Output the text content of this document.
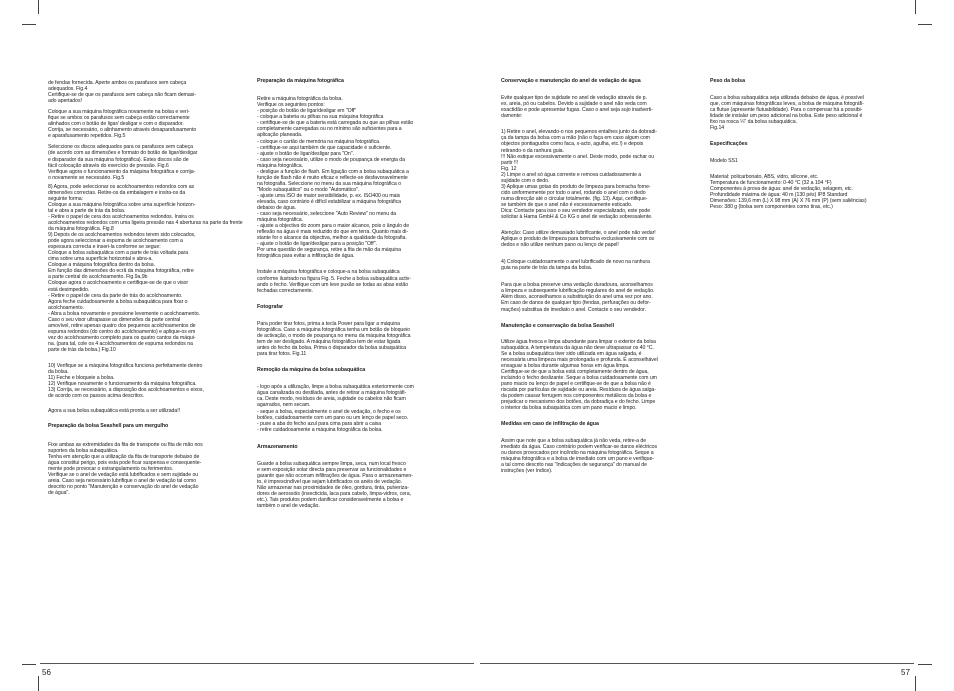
56	57

de fendas fornecida. Aperte ambos os parafusos sem cabeça
adequados. Fig.4
Certifique-se de que os parafusos sem cabeça não ficam demasi-
ado apertados!

Coloque a sua máquina fotográfica novamente na bolsa e veri-
fique se ambos os parafusos sem cabeça estão correctamente
alinhados com o botão de ligar/ desligar e com o disparador.
Corrija, se necessário, o alinhamento através desaparafusamento
e aparafusamento repetidos. Fig.5

Seleccione os discos adequados para os parafusos sem cabeça
(de acordo com as dimensões e formato do botão de ligar/desligar
e disparador da sua máquina fotográfica). Estes discos são de
fácil colocação através do exercício de pressão. Fig.6
Verifique agora o funcionamento da máquina fotográfica e corrija-
o novamente se necessário. Fig.5

8) Agora, pode seleccionar os acolchoamentos redondos com as
dimensões correctas. Retire-os da embalagem e insira-os da
seguinte forma:
Coloque a sua máquina fotográfica sobre uma superfície horizon-
tal e abra a parte de trás da bolsa.
- Retire o papel de cera dos acolchoamentos redondos. Insira os
acolchoamentos redondos com uma ligeira pressão nas 4 aberturas na parte da frente da máquina fotográfica. Fig.8
9) Depois de os acolchoamentos redondos terem sido colocados,
pode agora seleccionar a espuma de acolchoamento com a
espessura correcta e inseri-la conforme se segue:
Coloque a bolsa subaquática com a parte de trás voltada para
cima sobre uma superfície horizontal e abra-a.
Coloque a máquina fotográfica dentro da bolsa.
Em função das dimensões do ecrã da máquina fotográfica, retire
a parte central do acolchoamento. Fig.9a,9b
Coloque agora o acolchoamento e certifique-se de que o visor
está desimpedido.
- Retire o papel de cera da parte de trás do acolchoamento.
Agora feche cuidadosamente a bolsa subaquática para fixar o
acolchoamento.
- Abra a bolsa novamente e pressione levemente o acolchoamento.
Caso o seu visor ultrapasse as dimensões da parte central
amovível, retire apenas quatro dos pequenos acolchoamentos de
espuma redondos (do centro do acolchoamento) e aplique-os em
vez do acolchoamento completo para os quatro cantos da máqui-
na. (para tal, cole os 4 acolchoamentos de espuma redondos na
parte de trás da bolsa.) Fig.10

10) Verifique se a máquina fotográfica funciona perfeitamente dentro
da bolsa.
11) Feche e bloqueie a bolsa.
12) Verifique novamente o funcionamento da máquina fotográfica.
13) Corrija, se necessário, a disposição dos acolchoamentos e eixos,
de acordo com os passos acima descritos.

Agora a sua bolsa subaquática está pronta a ser utilizada!!

Preparação da bolsa Seashell para um mergulho

Fixe ambas as extremidades da fita de transporte ou fita de mão nos
suportes da bolsa subaquática.
Tenha em atenção que a utilização da fita de transporte debaixo de
água constitui perigo, pois esta pode ficar suspensa e consequente-
mente pode provocar o estrangulamento ou ferimentos.
Verifique se o anel de vedação está lubrificados e sem sujidade ou
areia. Caso seja necessário lubrifique o anel de vedação tal como
descrito no ponto "Manutenção e conservação do anel de vedação
de água".

Preparação da máquina fotográfica

Retire a máquina fotográfica da bolsa.
Verifique os seguintes pontos:
- posição do botão de ligar/desligar em "Off"
- coloque a bateria ou pilhas na sua máquina fotográfica
- certifique-se de que a bateria está carregada ou que as pilhas estão
completamente carregadas ou no mínimo são suficientes para a
aplicação planeada.
- coloque o cartão de memória na máquina fotográfica.
- certifique-se aqui também de que capacidade é suficiente.
- ajuste o botão de ligar/desligar para "On".
- caso seja necessário, utilize o modo de poupança de energia da
máquina fotográfica.
- desligue a função de flash. Em ligação com a bolsa subaquática a
função de flash não é muito eficaz e reflecte-se desfavoravelmente
na fotografia. Seleccione no menu da sua máquina fotográfica o
"Modo subaquático" ou o modo "Automático".
- ajuste uma ISO de maior sensibilidade, p. ex. ISO400 ou mais
elevada, caso contrário é difícil estabilizar a máquina fotográfica
debaixo de água.
- caso seja necessário, seleccione "Auto Review" no menu da
máquina fotográfica.
- ajuste a objectiva do zoom para o maior alcance, pois o ângulo de
reflexão na água é mais reduzido do que em terra. Quanto mais di-
stante for o alcance da objectiva, melhor a qualidade da fotografia.
- ajuste o botão de ligar/desligar para a posição "Off".
Por uma questão de segurança, retire a fita de mão da máquina
fotográfica para evitar a infiltração de água.

Instale a máquina fotográfica e coloque-a na bolsa subaquática
conforme ilustrado na figura Fig. 5. Feche a bolsa subaquática activ-
ando o fecho. Verifique com um leve puxão se todas as abas estão
fechadas correctamente.

Fotografar

Para poder tirar fotos, prima a tecla Power para ligar a máquina
fotográfica. Caso a máquina fotográfica tenha um botão de bloqueio
de activação, o modo de poupança no menu da máquina fotográfica
tem de ser desligado. A máquina fotográfica tem de estar ligada
antes do fecho da bolsa. Prima o disparador da bolsa subaquática
para tirar fotos. Fig.11

Remoção da máquina da bolsa subaquática

- logo após a utilização, limpe a bolsa subaquática exteriormente com
água canalizada ou destilada, antes de retirar a máquina fotográfi-
ca. Deste modo, resíduos de areia, sujidade ou cabelos não ficam
agarrados, nem secam.
- seque a bolsa, especialmente o anel de vedação, o fecho e os
botões, cuidadosamente com um pano ou um lenço de papel seco.
- puxe a aba do fecho azul para cima para abrir a caixa
- retire cuidadosamente a máquina fotográfica da bolsa.

Armazenamento

Guarde a bolsa subaquática sempre limpa, seca, num local fresco
e sem exposição solar directa para preservar as funcionalidades e
garantir que não ocorram infiltrações de água. Para o armazenamen-
to, é imprescindível que sejam lubrificados os anéis de vedação.
Não armazenar nas proximidades de óleo, gordura, tinta, pulveriza-
dores de aerossóis (insecticida, laca para cabelo, limpa-vidros, cera,
etc.). Tais produtos podem danificar consideravelmente a bolsa e
também o anel de vedação.

Conservação e manutenção do anel de vedação de água

Evite qualquer tipo de sujidade no anel de vedação através de p.
ex. areia, pó ou cabelos. Devido a sujidade o anel não veda com
exactidão e pode apresentar fugas. Caso o anel seja sujo inadverti-
damente:

1) Retire o anel, elevando-o nos pequenos entalhes junto da dobradi-
ça da tampa da bolsa com a mão (não o faça em caso algum com
objectos pontiagudos como faca, x-acto, agulha, etc.!) e depois
retirando-o da ranhura guia.
!!! Não estique excessivamente o anel. Deste modo, pode rachar ou
partir !!!
Fig. 12
2) Limpe o anel só água corrente e remova cuidadosamente a
sujidade com o dedo.
3) Aplique umas gotas do produto de limpeza para borracha forne-
cido uniformemente por todo o anel, rodando o anel com o dedo
numa direcção até o circular totalmente. (fig. 13). Aqui, certifique-
se também de que o anel não é excessivamente esticado.
Dica: Contacte para isso o seu vendedor especializado, este pode
solicitar à Hama GmbH & Co KG o anel de vedação sobressalente.

Atenção: Caso utilize demasiado lubrificante, o anel pode não vedar!
Aplique o produto de limpeza para borracha exclusivamente com os
dedos e não utilize nenhum pano ou lenço de papel!

4) Coloque cuidadosamente o anel lubrificado de novo na ranhura
guia na parte de trás da tampa da bolsa.

Para que a bolsa preserve uma vedação duradoura, aconselhamos
a limpeza e subsequente lubrificação regulares do anel de vedação.
Além disso, aconselhamos a substituição do anel uma vez por ano.
Em caso de danos de qualquer tipo (fendas, perfurações ou defor-
mações) substitua de imediato o anel. Contacte o seu vendedor.

Manutenção e conservação da bolsa Seashell

Utilize água fresca e limpa abundante para limpar o exterior da bolsa
subaquática. A temperatura da água não deve ultrapassar os 40 °C.
Se a bolsa subaquática tiver sido utilizada em água salgada, é
necessária uma limpeza mais prolongada e profunda. É aconselhável
enxaguar a bolsa durante algumas horas em água limpa.
Certifique-se de que a bolsa está completamente dentro de água,
incluindo o fecho deslizante. Seque a bolsa cuidadosamente com um
pano macio ou lenço de papel e certifique-se de que a bolsa não é
riscada por partículas de sujidade ou areia. Resíduos de água salga-
da podem causar ferrugem nos componentes metálicos da bolsa e
prejudicar o mecanismo dos botões, da dobradiça e do fecho. Limpe
o interior da bolsa subaquática com um pano macio e limpo.

Medidas em caso de infiltração de água

Assim que note que a bolsa subaquática já não veda, retire-a de
imediato da água. Caso contrário podem verificar-se danos eléctricos
ou danos provocados por incêndio na máquina fotográfica. Seque a
máquina fotográfica e a bolsa de imediato com um pano e verifique-
a tal como descrito nas "Indicações de segurança" do manual de
instruções (ver índice).

Peso da bolsa

Caso a bolsa subaquática seja utilizada debaixo de água, é possível
que, com máquinas fotográficas leves, a bolsa de máquina fotográfi-
ca flutue (apresente flutuabilidade). Para o compensar há a possibi-
lidade de instalar um peso adicional na bolsa. Este peso adicional é
fixo na rosca ¼" da bolsa subaquática.
Fig.14

Especificações

Modelo SS1

Material: policarbonato, ABS, vidro, silicone, etc.
Temperatura de funcionamento: 0-40 °C (32 a 104 °F)
Componentes à prova de água: anel de vedação, selagem, etc.
Profundidade máxima de água: 40 m (130 pés) IP8 Standard
Dimensões: 139,6 mm (L) X 98 mm (A) X 76 mm (P) (sem saliências)
Peso: 380 g (bolsa sem componentes como tiras, etc.)
